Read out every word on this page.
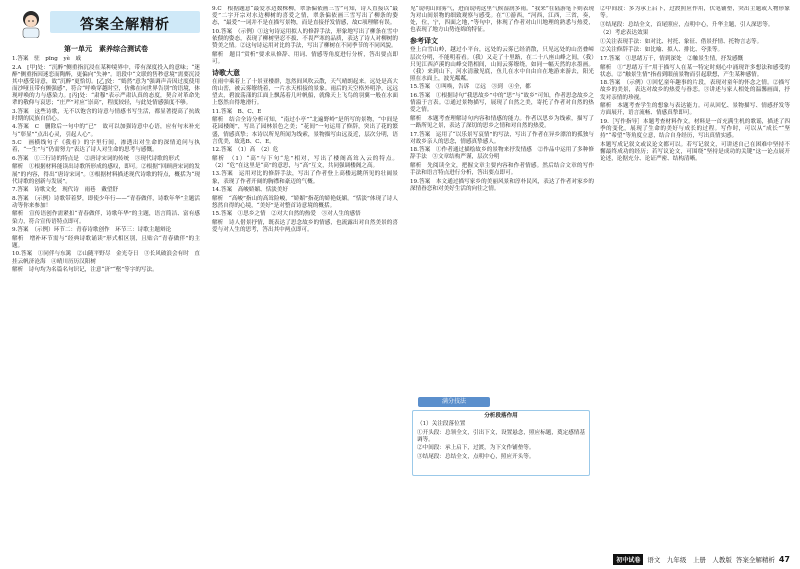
答案全解精析
第一单元　素养综合测试卷
1.答案　驻　pīng　yè　戚
2.A　[甲]处：“沉醉”侧重指沉浸在某种境界中，带有深度投入的意味；“迷醉”侧重指因迷恋而陶醉，更偏向“失神”。语段中“文联的售秒意境”需要沉浸其中感受诗意，故“沉醉”更恰切。[乙]处：“嫣然”意为“强调声音因过度使用而沙哑且带有颤强感”，符合“呼唤穿越时空，仿佛在向世界告别”的语境，体现呼唤的力与感染力。[丙]处：“肃穆”表示严肃认真的态度，契合对革命先辈的敬仰与哀思；“庄严”对应“崇高”，程度较轻，与此处情感强度不够。
3.答案　这些诗歌，无不以饱含的诗意与情感书写生活，都显著提高了抗战时期的民族自信心。
4.答案　C　删除后一句中的“已”　故可以加强诗意中心语，应有句末补充与“彰显”“点出心灵，引起人心”。
5.C　画横线句子《我看》的字里行间，渗透出对生命的深情追问与执着，“一生”与“仍需努力”表达了诗人对生命的思考与感慨。
6.答案　①三行诗的特点是　②唐诗宋词的传统　③现代诗歌的形式
解析　①根据材料能读出诗歌所形成的感叹，即可。②根据“回顾唐宋词的发展”的内容，得出“唐诗宋词”。③根据材料描述现代诗歌的特点，概括为“现代诗歌的创新与发展”。
7.答案　诗歌文化　现代诗　雨巷　戴望舒
8.答案　（示例）诗歌带着梦，即使少年行——“青春做伴，诗歌年华”主题活动等你来参加！
解析　宣传语创作需紧扣“青春做伴，诗歌年华”的主题，语言简洁、富有感染力，符合宣传语特点即可。
9.答案　（示例）环节二：青春诗歌创作　环节三：诗歌主题辩论
解析　增补环节需与“经典诗歌诵读”形式相区别，且贴合“青春做伴”的主题。
10.答案　①同伴与东篱　②山随平野尽　金光夺日　③长风破浪会有时　直挂云帆济沧海　④晴川历历汉阳树
解析　诗句均为名篇名句识记，注意“济”“壑”等字的写法。
9.C　根据题意“最爱水边数株柳，翠条偏依画三雪”可知，诗人直接以“最爱”二字开宗对水边柳树的喜爱之情，翠条偏依画三雪写出了柳条的姿态，“最爱”一词并不是在描写景物，而是直接抒发情感，故C项理解有误。
10.答案　（示例）①这句诗运用拟人的修辞手法，形象地写出了柳条在雪中依偎的姿态，表现了柳树坚忍不拔、不畏严寒的品质，表达了诗人对柳树的赞美之情。②这句诗运用对比的手法，写出了柳树在不同季节的不同风貌。
解析　题目“赏析”要求从修辞、用词、情感等角度进行分析，答出要点即可。
诗歌大意
在雨中乘着上了十景亚楼群，忽然间风吹云散，天气晴朗起来。远处是高大的山峦，被云雾缭绕着，一片水天相接的景象。雨后的天空格外明净，远远望去，碧波荡漾的江面上飘荡着几叶帆船，就像天上飞鸟的羽翼一般在水面上悠然自得地滑行。
11.答案　B、C、E
解析　结合全诗分析可知，“南过小亭”“北遍野岭”是所写的景物，“中间是花园楼阁”，写出了园林景色之美；“花间”一句运用了修辞，突出了花的繁盛，情感真挚；本诗以所见所闻为线索，景物描写由远及近，层次分明，语言优美，故选B、C、E。
12.答案　（1）高　（2）危
解析　（1）“高”与下句“危”相对，写出了楼阁高耸入云的特点。（2）“危”在这里是“高”的意思，与“高”互文，共同强调楼阁之高。
13.答案　运用对比的修辞手法，写出了作者登上高楼远眺所见的壮阔景象，表现了作者开阔的胸襟和豪迈的气概。
14.答案　高峻娇媚、恬淡美好
解析　“高峻”指山的高耸险峻，“娇媚”指花的娇艳妩媚。“恬淡”体现了诗人悠然自得的心境，“美好”是对整首诗意境的概括。
15.答案　①思乡之情　②对大自然的热爱　③对人生的感悟
解析　诗人借景抒情，既表达了思念故乡的情感，也流露出对自然美景的喜爱与对人生的思考，答出其中两点即可。
见“说明山间雾气，进而说明这里气候湿润多雨。“我来”在陆游笔下则表现为对山间景物的细致观察与感受。在“①游西，“河西，江西，三省，奏，处，位，宁，四面之地，”等句中，体现了作者对山川地理的熟悉与热爱，也表现了地方山势连绵的特征。
参考译文
登上白雪山岭，越过小平台，远处的云雾已经消散，只见远处的山峦叠嶂层次分明，不能明着看。（我）又走了十里路，在二十八座山峰之间，（我）只见江西泸溪的山峰交错相间，山间云雾缭绕，如同一幅天然的水墨画。（我）来到山下，河水清澈见底，鱼儿在水中自由自在地游来游去，阳光照在水面上，波光粼粼。
15.答案　①叫唤，告诉　②远　③到　④全，都
16.答案　①根据诗句“我思故乡”中的“思”与“故乡”可知，作者思念故乡之情溢于言表。②通过景物描写，展现了自然之美，寄托了作者对自然的热爱之情。
解析　本题考查理解诗句内容和情感的能力。作者以思乡为线索，描写了一路所见之景，表达了深切的思乡之情和对自然的热爱。
17.答案　运用了“以乐景写哀情”的写法，写出了作者在异乡漂泊的孤独与对故乡亲人的思念，情感真挚感人。
18.答案　①作者通过描绘故乡的景物来抒发情感　②作品中运用了多种修辞手法　③文章结构严谨，层次分明
解析　先阅读全文，把握文章主要内容和作者情感。然后结合文章的写作手法和语言特点进行分析，答出要点即可。
19.答案　本文通过描写家乡的美丽风景和淳朴民风，表达了作者对家乡的深情眷恋和对美好生活的向往之情。
②中间段：多为承上启下，过渡照应作用，伏笔铺垫，突出主题或人物形象等。
③结尾段：总结全文，首尾照应，点明中心，升华主题，引人深思等。
（2）考虑表达效果
①关注表现手法：如对比、衬托、象征、借景抒情、托物言志等。
②关注修辞手法：如比喻、拟人、排比、夸张等。
17.答案　①思绪万千，情到深处　②触景生情，抒发感慨
解析　①“思绪万千”用于描写人在某一特定时刻心中涌现许多想法和感受的状态。②“触景生情”指看到眼前景物而引起联想，产生某种感情。
18.答案　（示例）①回忆童年趣事的片段，表现对童年的怀念之情。②描写故乡的美景，表达对故乡的热爱与眷恋。③讲述与家人相处的温馨画面，抒发对亲情的珍视。
解析　本题考查学生的想象与表达能力。可从回忆、景物描写、情感抒发等方面展开，语言流畅、情感真挚即可。
19.［写作指导］本题考查材料作文。材料是一首充满生机的歌谣，描述了四季的变化，展现了生命的美好与成长的过程。写作时，可以从“成长”“坚持”“希望”等角度立意，结合自身经历，写出真情实感。
本题写成记叙文或议论文都可以。若写记叙文，可讲述自己在困难中坚持不懈最终成功的经历；若写议论文，可围绕“坚持是成功的关键”这一论点展开论述，论据充分、论证严密、结构清晰。
满分技法
分析段落作用
（1）关注段落位置
①开头段：总领全文，引出下文，设置悬念，照应标题，奠定感情基调等。
②中间段：承上启下，过渡，为下文作铺垫等。
③结尾段：总结全文，点明中心，照应开头等。
初中试卷	语文　九年级　上册　人教版 答案全解精析 47
